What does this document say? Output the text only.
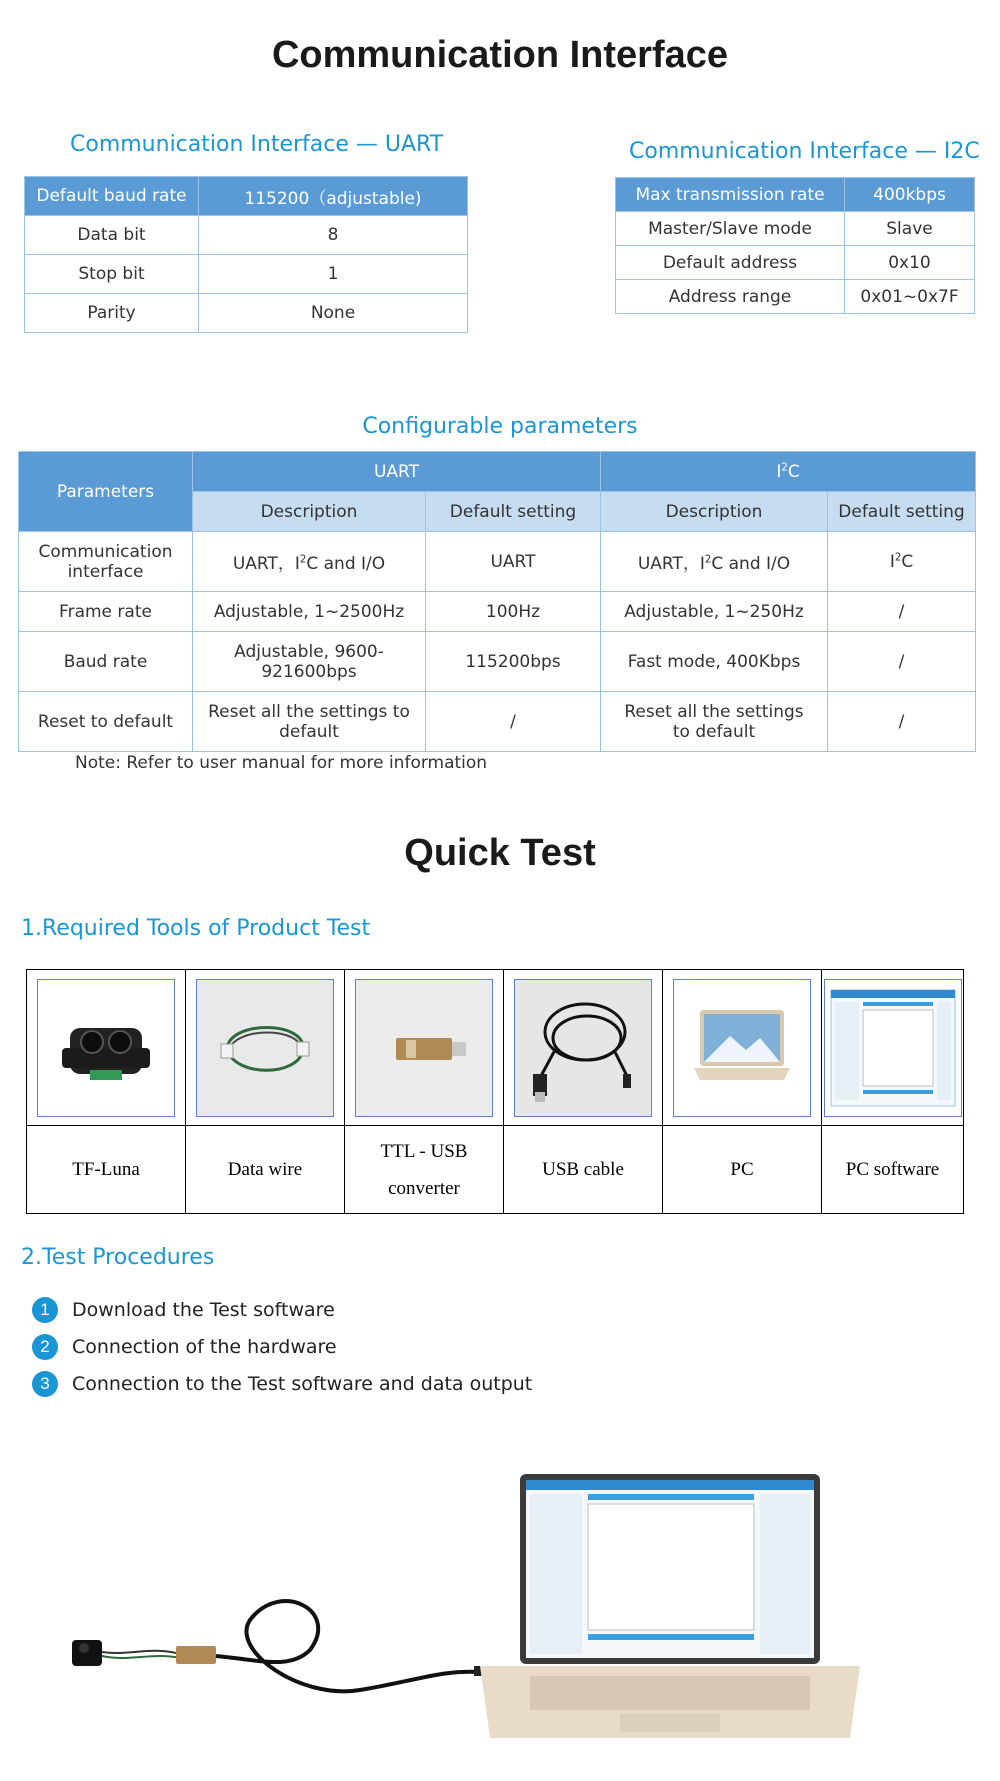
Communication Interface
Communication Interface — UART
Default baud rate	115200（adjustable)
Data bit	8
Stop bit	1
Parity	None
Communication Interface — I2C
Max transmission rate	400kbps
Master/Slave mode	Slave
Default address	0x10
Address range	0x01~0x7F
Configurable parameters
Parameters	UART		$I^2C$	
	Description	Default setting	Description	Default setting
Communication interface	UART，$I^2C$ and I/O	UART	UART，$I^2C$ and I/O	$I^2C$
Frame rate	Adjustable, 1~2500Hz	100Hz	Adjustable, 1~250Hz	/
Baud rate	Adjustable, 9600-921600bps	115200bps	Fast mode, 400Kbps	/
Reset to default	Reset all the settings to default	/	Reset all the settings to default	/
Note: Refer to user manual for more information
Quick Test
1.Required Tools of Product Test

TF-Luna	Data wire	TTL - USB converter	USB cable	PC	PC software
2.Test Procedures
1	Download the Test software
2	Connection of the hardware
3	Connection to the Test software and data output
